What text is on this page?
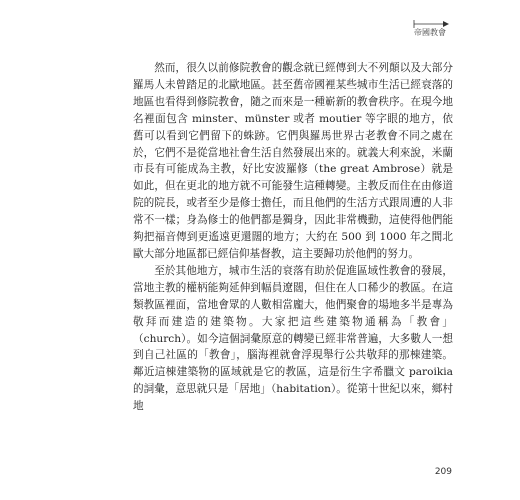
帝國教會

然而，很久以前修院教會的觀念就已經傳到大不列顛以及大部分羅馬人未曾踏足的北歐地區。甚至舊帝國裡某些城市生活已經衰落的地區也看得到修院教會，隨之而來是一種嶄新的教會秩序。在現今地名裡面包含 minster、münster 或者 moutier 等字眼的地方，依舊可以看到它們留下的蛛跡。它們與羅馬世界古老教會不同之處在於，它們不是從當地社會生活自然發展出來的。就義大利來說，米蘭市長有可能成為主教，好比安波羅修（the great Ambrose）就是如此，但在更北的地方就不可能發生這種轉變。主教反而住在由修道院的院長，或者至少是修士擔任，而且他們的生活方式跟周遭的人非常不一樣；身為修士的他們都是獨身，因此非常機動，這使得他們能夠把福音傳到更遙遠更還闊的地方；大約在 500 到 1000 年之間北歐大部分地區都已經信仰基督教，這主要歸功於他們的努力。

至於其他地方，城市生活的衰落有助於促進區域性教會的發展，當地主教的權柄能夠延伸到幅員遼闊，但住在人口稀少的教區。在這類教區裡面，當地會眾的人數相當龐大，他們聚會的場地多半是專為敬拜而建造的建築物。大家把這些建築物通稱為「教會」（church）。如今這個詞彙原意的轉變已經非常普遍，大多數人一想到自己社區的「教會」，腦海裡就會浮現舉行公共敬拜的那棟建築。鄰近這棟建築物的區域就是它的教區，這是衍生字希臘文 paroikia 的詞彙，意思就只是「居地」（habitation）。從第十世紀以來，鄉村地

209
